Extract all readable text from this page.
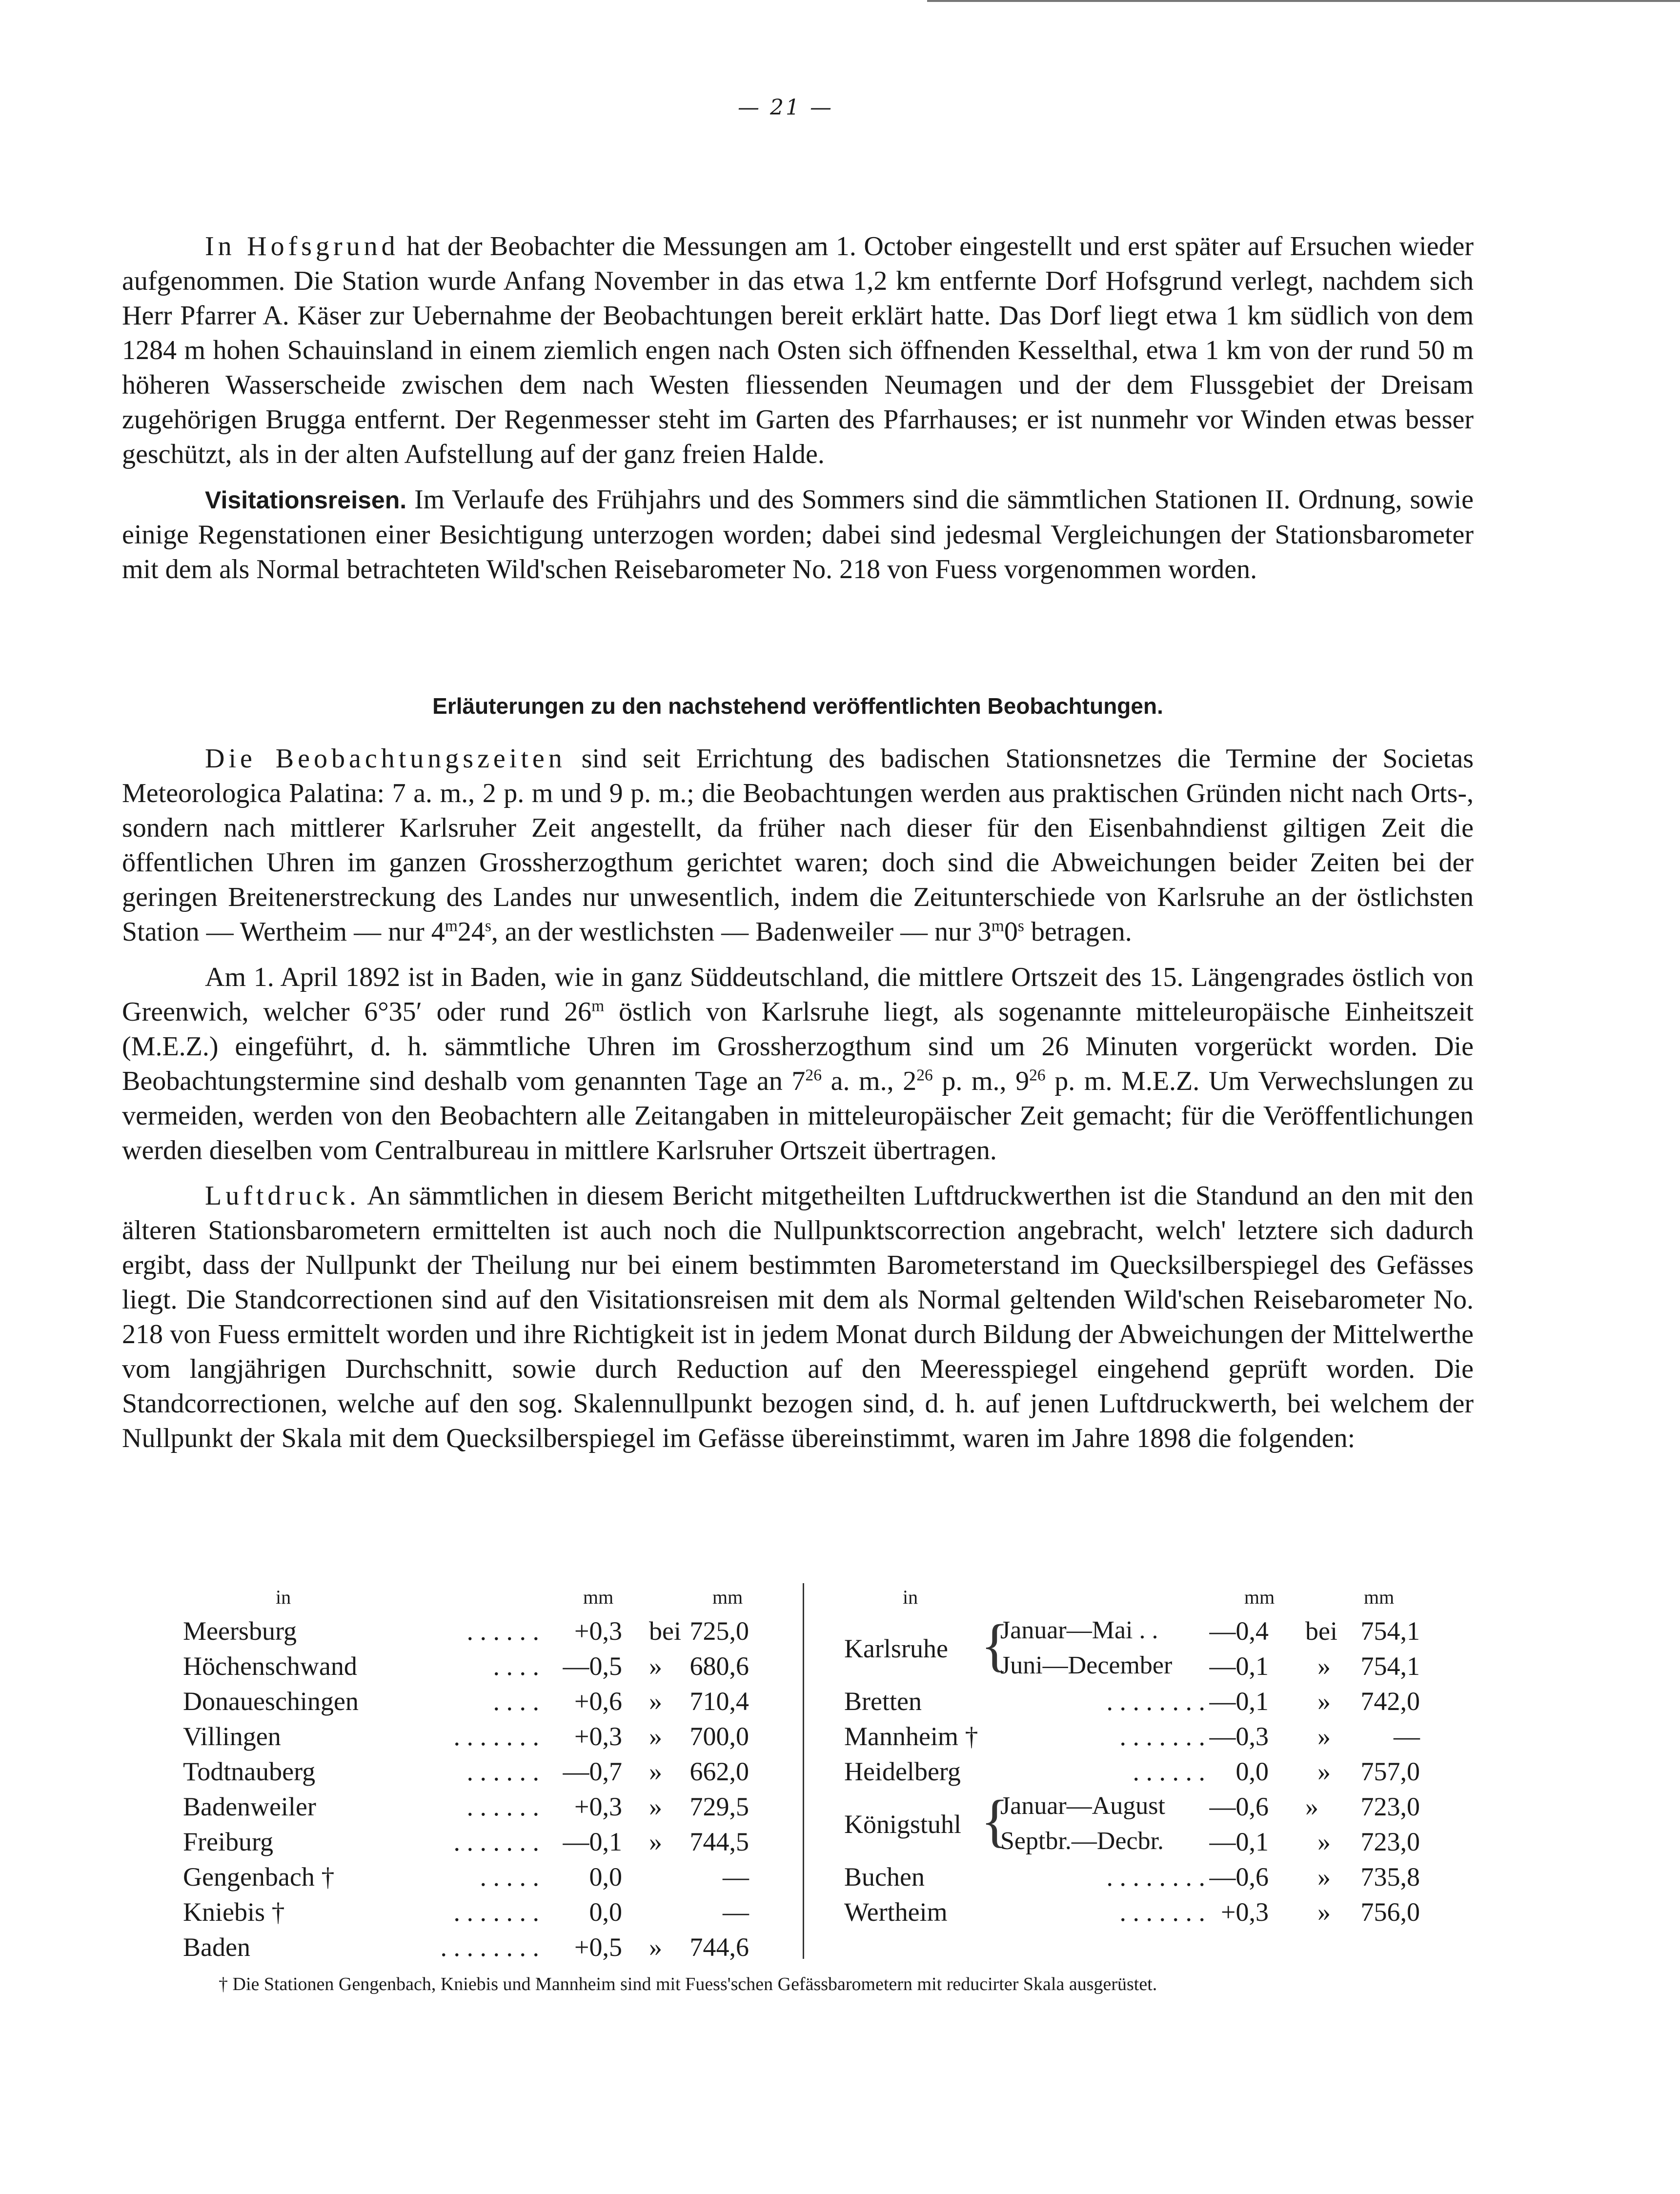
— 21 —

In Hofsgrund hat der Beobachter die Messungen am 1. October eingestellt und erst später auf Ersuchen wieder aufgenommen. Die Station wurde Anfang November in das etwa 1,2 km entfernte Dorf Hofsgrund verlegt, nachdem sich Herr Pfarrer A. Käser zur Uebernahme der Beobachtungen bereit erklärt hatte. Das Dorf liegt etwa 1 km südlich von dem 1284 m hohen Schauinsland in einem ziemlich engen nach Osten sich öffnenden Kesselthal, etwa 1 km von der rund 50 m höheren Wasserscheide zwischen dem nach Westen fliessenden Neumagen und der dem Flussgebiet der Dreisam zugehörigen Brugga entfernt. Der Regenmesser steht im Garten des Pfarrhauses; er ist nunmehr vor Winden etwas besser geschützt, als in der alten Aufstellung auf der ganz freien Halde.

Visitationsreisen. Im Verlaufe des Frühjahrs und des Sommers sind die sämmtlichen Stationen II. Ordnung, sowie einige Regenstationen einer Besichtigung unterzogen worden; dabei sind jedesmal Vergleichungen der Stationsbarometer mit dem als Normal betrachteten Wild'schen Reisebarometer No. 218 von Fuess vorgenommen worden.

Erläuterungen zu den nachstehend veröffentlichten Beobachtungen.

Die Beobachtungszeiten sind seit Errichtung des badischen Stationsnetzes die Termine der Societas Meteorologica Palatina: 7 a. m., 2 p. m und 9 p. m.; die Beobachtungen werden aus praktischen Gründen nicht nach Orts-, sondern nach mittlerer Karlsruher Zeit angestellt, da früher nach dieser für den Eisenbahndienst giltigen Zeit die öffentlichen Uhren im ganzen Grossherzogthum gerichtet waren; doch sind die Abweichungen beider Zeiten bei der geringen Breitenerstreckung des Landes nur unwesentlich, indem die Zeitunterschiede von Karlsruhe an der östlichsten Station — Wertheim — nur 4$^m$24$^s$, an der westlichsten — Badenweiler — nur 3$^m$0$^s$ betragen.

Am 1. April 1892 ist in Baden, wie in ganz Süddeutschland, die mittlere Ortszeit des 15. Längengrades östlich von Greenwich, welcher 6°35′ oder rund 26$^m$ östlich von Karlsruhe liegt, als sogenannte mitteleuropäische Einheitszeit (M.E.Z.) eingeführt, d. h. sämmtliche Uhren im Grossherzogthum sind um 26 Minuten vorgerückt worden. Die Beobachtungstermine sind deshalb vom genannten Tage an $7^{26}$ a. m., $2^{26}$ p. m., $9^{26}$ p. m. M.E.Z. Um Verwechslungen zu vermeiden, werden von den Beobachtern alle Zeitangaben in mitteleuropäischer Zeit gemacht; für die Veröffentlichungen werden dieselben vom Centralbureau in mittlere Karlsruher Ortszeit übertragen.

Luftdruck. An sämmtlichen in diesem Bericht mitgetheilten Luftdruckwerthen ist die Standund an den mit den älteren Stationsbarometern ermittelten ist auch noch die Nullpunktscorrection angebracht, welch' letztere sich dadurch ergibt, dass der Nullpunkt der Theilung nur bei einem bestimmten Barometerstand im Quecksilberspiegel des Gefässes liegt. Die Standcorrectionen sind auf den Visitationsreisen mit dem als Normal geltenden Wild'schen Reisebarometer No. 218 von Fuess ermittelt worden und ihre Richtigkeit ist in jedem Monat durch Bildung der Abweichungen der Mittelwerthe vom langjährigen Durchschnitt, sowie durch Reduction auf den Meeresspiegel eingehend geprüft worden. Die Standcorrectionen, welche auf den sog. Skalennullpunkt bezogen sind, d. h. auf jenen Luftdruckwerth, bei welchem der Nullpunkt der Skala mit dem Quecksilberspiegel im Gefässe übereinstimmt, waren im Jahre 1898 die folgenden:

in	mm	mm
Meersburg	. . . . . . +0,3 bei 725,0
Höchenschwand	. . . . —0,5 » 680,6
Donaueschingen	. . . . +0,6 » 710,4
Villingen	. . . . . . . +0,3 » 700,0
Todtnauberg	. . . . . . —0,7 » 662,0
Badenweiler	. . . . . . +0,3 » 729,5
Freiburg	. . . . . . . —0,1 » 744,5
Gengenbach †	. . . . . 0,0	—
Kniebis †	. . . . . . . 0,0	—
Baden	. . . . . . . . +0,5 » 744,6
in	mm	mm
Karlsruhe {
Januar—Mai . . —0,4 bei 754,1
Juni—December —0,1 » 754,1
Bretten	. . . . . . . . —0,1 » 742,0
Mannheim †	. . . . . . . —0,3 » —
Heidelberg	. . . . . . 0,0 » 757,0
Königstuhl {
Januar—August —0,6 » 723,0
Septbr.—Decbr. —0,1 » 723,0
Buchen	. . . . . . . . —0,6 » 735,8
Wertheim	. . . . . . . +0,3 » 756,0
† Die Stationen Gengenbach, Kniebis und Mannheim sind mit Fuess'schen Gefässbarometern mit reducirter Skala ausgerüstet.
